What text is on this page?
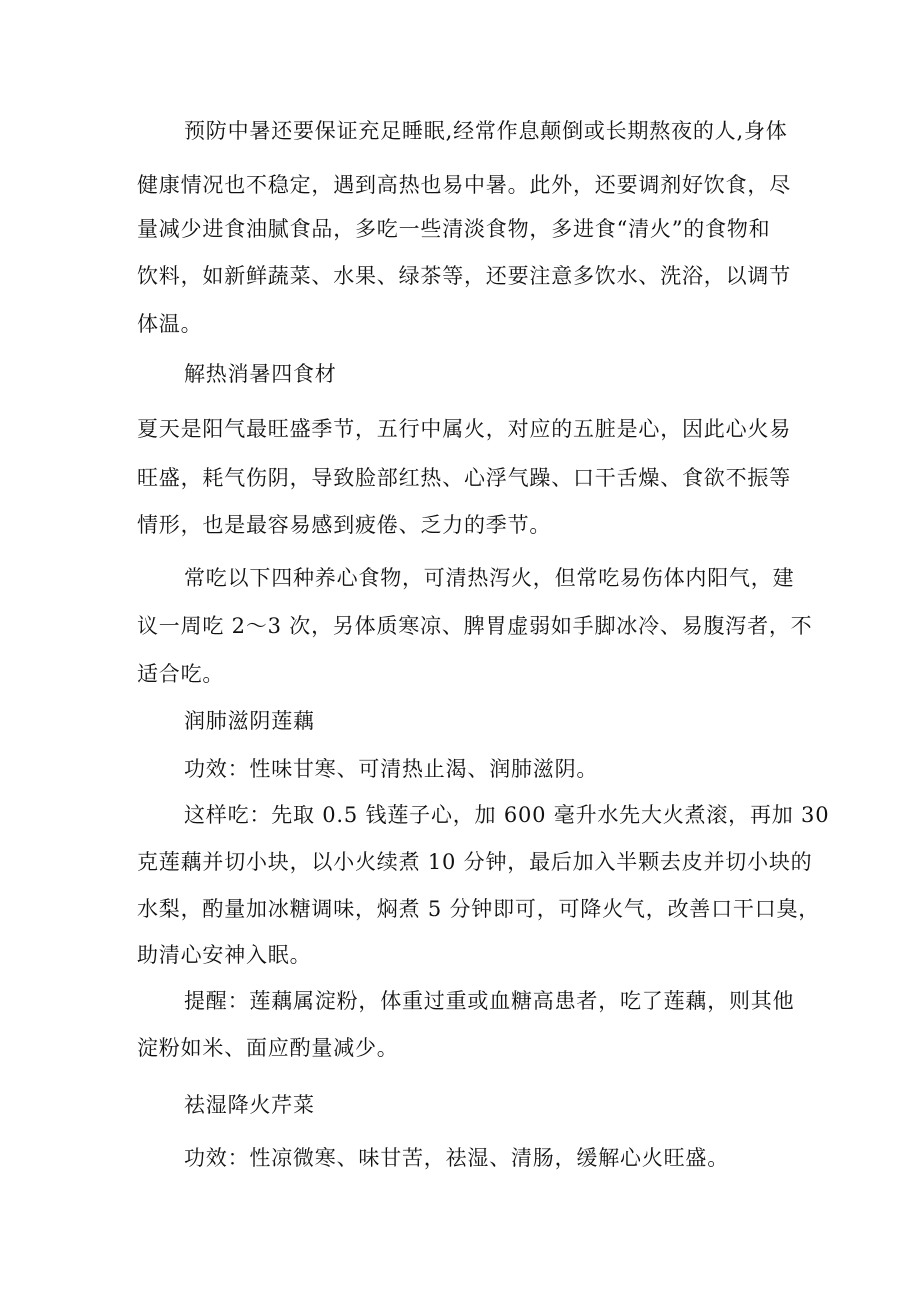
预防中暑还要保证充足睡眠,经常作息颠倒或长期熬夜的人,身体
健康情况也不稳定，遇到高热也易中暑。此外，还要调剂好饮食，尽
量减少进食油腻食品，多吃一些清淡食物，多进食“清火”的食物和
饮料，如新鲜蔬菜、水果、绿茶等，还要注意多饮水、洗浴，以调节
体温。
解热消暑四食材
夏天是阳气最旺盛季节，五行中属火，对应的五脏是心，因此心火易
旺盛，耗气伤阴，导致脸部红热、心浮气躁、口干舌燥、食欲不振等
情形，也是最容易感到疲倦、乏力的季节。
常吃以下四种养心食物，可清热泻火，但常吃易伤体内阳气，建
议一周吃 2～3 次，另体质寒凉、脾胃虚弱如手脚冰冷、易腹泻者，不
适合吃。
润肺滋阴莲藕
功效：性味甘寒、可清热止渴、润肺滋阴。
这样吃：先取 0.5 钱莲子心，加 600 毫升水先大火煮滚，再加 30
克莲藕并切小块，以小火续煮 10 分钟，最后加入半颗去皮并切小块的
水梨，酌量加冰糖调味，焖煮 5 分钟即可，可降火气，改善口干口臭，
助清心安神入眠。
提醒：莲藕属淀粉，体重过重或血糖高患者，吃了莲藕，则其他
淀粉如米、面应酌量减少。
祛湿降火芹菜
功效：性凉微寒、味甘苦，祛湿、清肠，缓解心火旺盛。
